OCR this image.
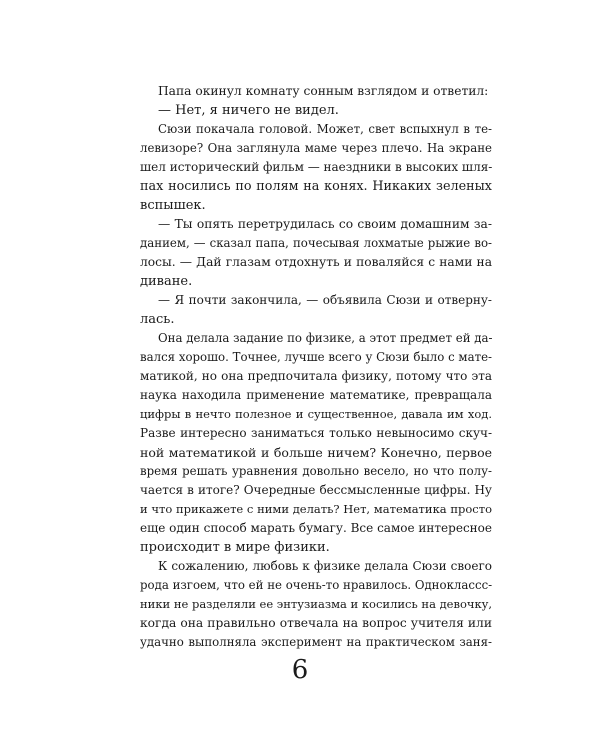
Папа окинул комнату сонным взглядом и ответил:
— Нет, я ничего не видел.
Сюзи покачала головой. Может, свет вспыхнул в те-
левизоре? Она заглянула маме через плечо. На экране
шел исторический фильм — наездники в высоких шля-
пах носились по полям на конях. Никаких зеленых
вспышек.
— Ты опять перетрудилась со своим домашним за-
данием, — сказал папа, почесывая лохматые рыжие во-
лосы. — Дай глазам отдохнуть и поваляйся с нами на
диване.
— Я почти закончила, — объявила Сюзи и отверну-
лась.
Она делала задание по физике, а этот предмет ей да-
вался хорошо. Точнее, лучше всего у Сюзи было с мате-
матикой, но она предпочитала физику, потому что эта
наука находила применение математике, превращала
цифры в нечто полезное и существенное, давала им ход.
Разве интересно заниматься только невыносимо скуч-
ной математикой и больше ничем? Конечно, первое
время решать уравнения довольно весело, но что полу-
чается в итоге? Очередные бессмысленные цифры. Ну
и что прикажете с ними делать? Нет, математика просто
еще один способ марать бумагу. Все самое интересное
происходит в мире физики.
К сожалению, любовь к физике делала Сюзи своего
рода изгоем, что ей не очень-то нравилось. Одноклассс-
ники не разделяли ее энтузиазма и косились на девочку,
когда она правильно отвечала на вопрос учителя или
удачно выполняла эксперимент на практическом заня-
6
